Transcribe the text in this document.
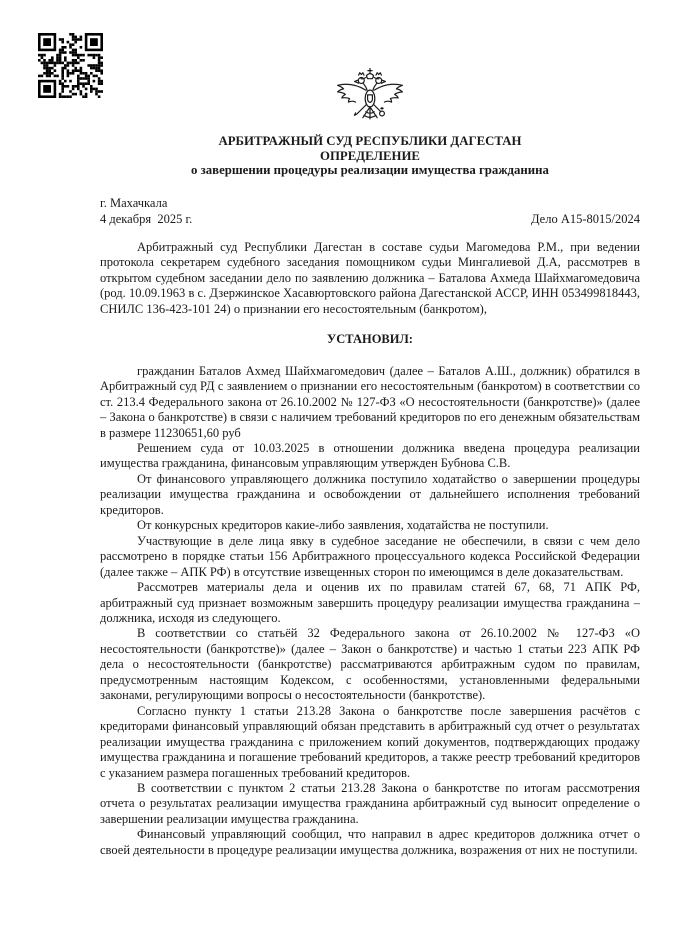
АРБИТРАЖНЫЙ СУД РЕСПУБЛИКИ ДАГЕСТАН
ОПРЕДЕЛЕНИЕ
о завершении процедуры реализации имущества гражданина
г. Махачкала
4 декабря  2025 г.	Дело А15-8015/2024

Арбитражный суд Республики Дагестан в составе судьи Магомедова Р.М., при ведении протокола секретарем судебного заседания помощником судьи Мингалиевой Д.А, рассмотрев в открытом судебном заседании дело по заявлению должника – Баталова Ахмеда Шайхмагомедовича (род. 10.09.1963 в с. Дзержинское Хасавюртовского района Дагестанской АССР, ИНН 053499818443, СНИЛС 136-423-101 24) о признании его несостоятельным (банкротом),

УСТАНОВИЛ:

гражданин Баталов Ахмед Шайхмагомедович (далее – Баталов А.Ш., должник) обратился в Арбитражный суд РД с заявлением о признании его несостоятельным (банкротом) в соответствии со ст. 213.4 Федерального закона от 26.10.2002 № 127-ФЗ «О несостоятельности (банкротстве)» (далее – Закона о банкротстве) в связи с наличием требований кредиторов по его денежным обязательствам в размере 11230651,60 руб

Решением суда от 10.03.2025 в отношении должника введена процедура реализации имущества гражданина, финансовым управляющим утвержден Бубнова С.В.

От финансового управляющего должника поступило ходатайство о завершении процедуры реализации имущества гражданина и освобождении от дальнейшего исполнения требований кредиторов.

От конкурсных кредиторов какие-либо заявления, ходатайства не поступили.

Участвующие в деле лица явку в судебное заседание не обеспечили, в связи с чем дело рассмотрено в порядке статьи 156 Арбитражного процессуального кодекса Российской Федерации (далее также – АПК РФ) в отсутствие извещенных сторон по имеющимся в деле доказательствам.

Рассмотрев материалы дела и оценив их по правилам статей 67, 68, 71 АПК РФ, арбитражный суд признает возможным завершить процедуру реализации имущества гражданина – должника, исходя из следующего.

В соответствии со статьёй 32 Федерального закона от 26.10.2002 № 127-ФЗ «О несостоятельности (банкротстве)» (далее – Закон о банкротстве) и частью 1 статьи 223 АПК РФ дела о несостоятельности (банкротстве) рассматриваются арбитражным судом по правилам, предусмотренным настоящим Кодексом, с особенностями, установленными федеральными законами, регулирующими вопросы о несостоятельности (банкротстве).

Согласно пункту 1 статьи 213.28 Закона о банкротстве после завершения расчётов с кредиторами финансовый управляющий обязан представить в арбитражный суд отчет о результатах реализации имущества гражданина с приложением копий документов, подтверждающих продажу имущества гражданина и погашение требований кредиторов, а также реестр требований кредиторов с указанием размера погашенных требований кредиторов.

В соответствии с пунктом 2 статьи 213.28 Закона о банкротстве по итогам рассмотрения отчета о результатах реализации имущества гражданина арбитражный суд выносит определение о завершении реализации имущества гражданина.

Финансовый управляющий сообщил, что направил в адрес кредиторов должника отчет о своей деятельности в процедуре реализации имущества должника, возражения от них не поступили.
